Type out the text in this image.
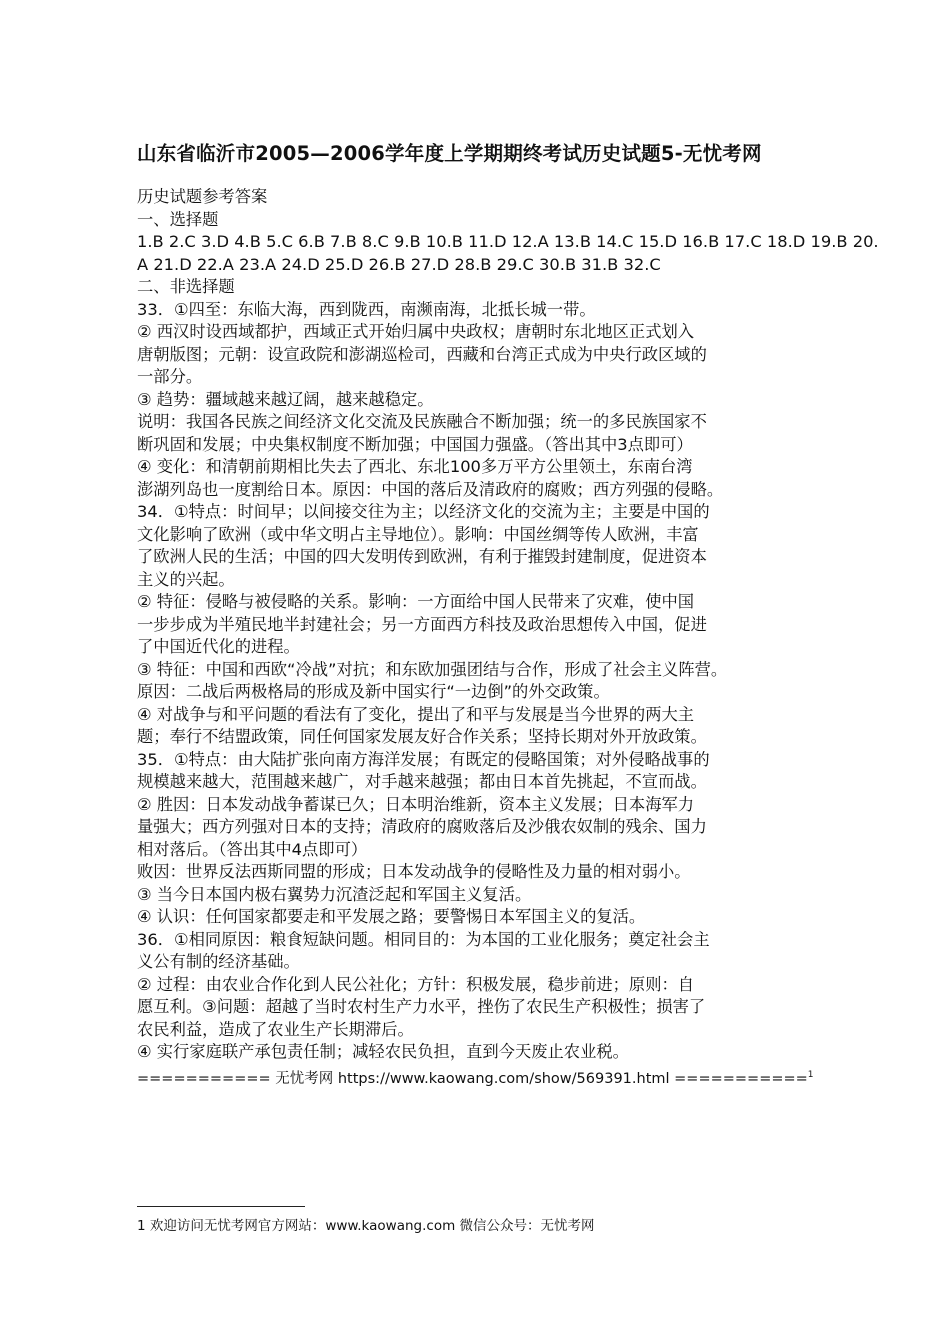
山东省临沂市2005—2006学年度上学期期终考试历史试题5-无忧考网
历史试题参考答案
一、选择题
1.B 2.C 3.D 4.B 5.C 6.B 7.B 8.C 9.B 10.B 11.D 12.A 13.B 14.C 15.D 16.B 17.C 18.D 19.B 20.
A 21.D 22.A 23.A 24.D 25.D 26.B 27.D 28.B 29.C 30.B 31.B 32.C
二、非选择题
33．①四至：东临大海，西到陇西，南濒南海，北抵长城一带。
② 西汉时设西域都护，西域正式开始归属中央政权；唐朝时东北地区正式划入
唐朝版图；元朝：设宣政院和澎湖巡检司，西藏和台湾正式成为中央行政区域的
一部分。
③ 趋势：疆域越来越辽阔，越来越稳定。
说明：我国各民族之间经济文化交流及民族融合不断加强；统一的多民族国家不
断巩固和发展；中央集权制度不断加强；中国国力强盛。（答出其中3点即可）
④ 变化：和清朝前期相比失去了西北、东北100多万平方公里领土，东南台湾
澎湖列岛也一度割给日本。原因：中国的落后及清政府的腐败；西方列强的侵略。
34．①特点：时间早；以间接交往为主；以经济文化的交流为主；主要是中国的
文化影响了欧洲（或中华文明占主导地位）。影响：中国丝绸等传人欧洲，丰富
了欧洲人民的生活；中国的四大发明传到欧洲，有利于摧毁封建制度，促进资本
主义的兴起。
② 特征：侵略与被侵略的关系。影响：一方面给中国人民带来了灾难，使中国
一步步成为半殖民地半封建社会；另一方面西方科技及政治思想传入中国，促进
了中国近代化的进程。
③ 特征：中国和西欧“冷战”对抗；和东欧加强团结与合作，形成了社会主义阵营。
原因：二战后两极格局的形成及新中国实行“一边倒”的外交政策。
④ 对战争与和平问题的看法有了变化，提出了和平与发展是当今世界的两大主
题；奉行不结盟政策，同任何国家发展友好合作关系；坚持长期对外开放政策。
35．①特点：由大陆扩张向南方海洋发展；有既定的侵略国策；对外侵略战事的
规模越来越大，范围越来越广，对手越来越强；都由日本首先挑起，不宣而战。
② 胜因：日本发动战争蓄谋已久；日本明治维新，资本主义发展；日本海军力
量强大；西方列强对日本的支持；清政府的腐败落后及沙俄农奴制的残余、国力
相对落后。（答出其中4点即可）
败因：世界反法西斯同盟的形成；日本发动战争的侵略性及力量的相对弱小。
③ 当今日本国内极右翼势力沉渣泛起和军国主义复活。
④ 认识：任何国家都要走和平发展之路；要警惕日本军国主义的复活。
36．①相同原因：粮食短缺问题。相同目的：为本国的工业化服务；奠定社会主
义公有制的经济基础。
② 过程：由农业合作化到人民公社化；方针：积极发展，稳步前进；原则：自
愿互利。③问题：超越了当时农村生产力水平，挫伤了农民生产积极性；损害了
农民利益，造成了农业生产长期滞后。
④ 实行家庭联产承包责任制；减轻农民负担，直到今天废止农业税。
=========== 无忧考网 https://www.kaowang.com/show/569391.html ===========$^1$
1 欢迎访问无忧考网官方网站：www.kaowang.com 微信公众号：无忧考网
